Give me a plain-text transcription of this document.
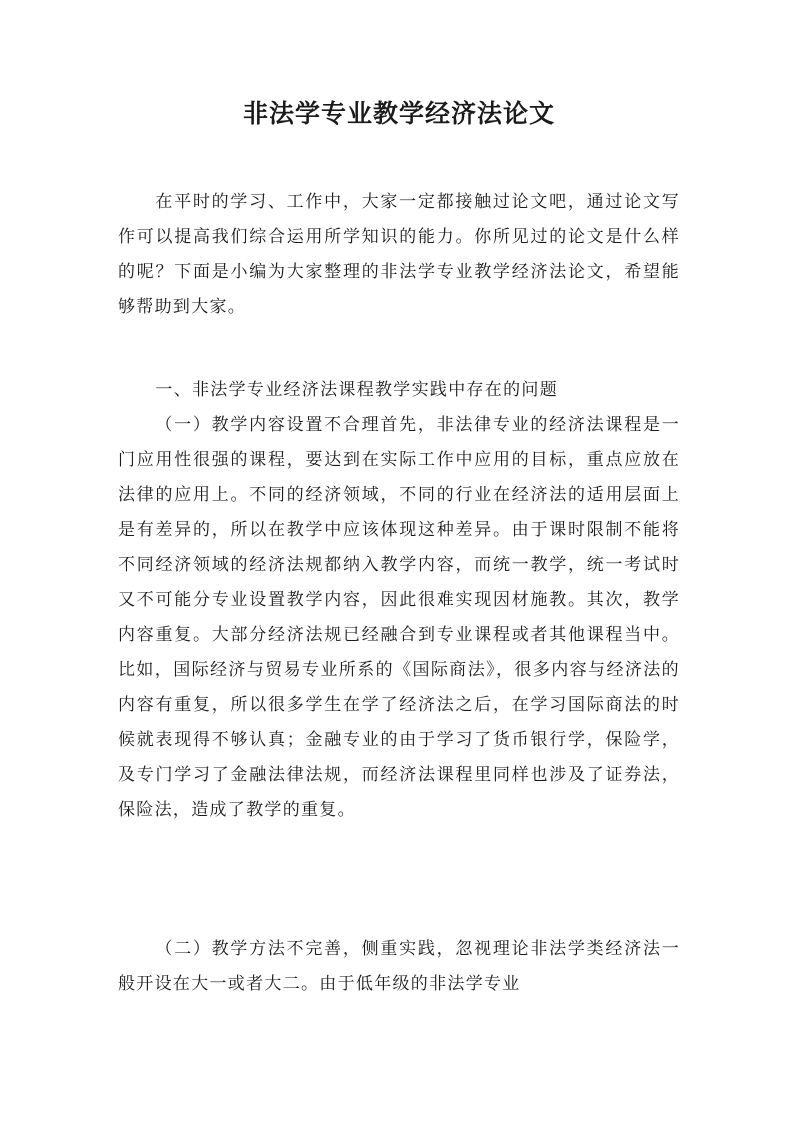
非法学专业教学经济法论文

在平时的学习、工作中，大家一定都接触过论文吧，通过论文写作可以提高我们综合运用所学知识的能力。你所见过的论文是什么样的呢？下面是小编为大家整理的非法学专业教学经济法论文，希望能够帮助到大家。

一、非法学专业经济法课程教学实践中存在的问题

（一）教学内容设置不合理首先，非法律专业的经济法课程是一门应用性很强的课程，要达到在实际工作中应用的目标，重点应放在法律的应用上。不同的经济领域，不同的行业在经济法的适用层面上是有差异的，所以在教学中应该体现这种差异。由于课时限制不能将不同经济领域的经济法规都纳入教学内容，而统一教学，统一考试时又不可能分专业设置教学内容，因此很难实现因材施教。其次，教学内容重复。大部分经济法规已经融合到专业课程或者其他课程当中。比如，国际经济与贸易专业所系的《国际商法》，很多内容与经济法的内容有重复，所以很多学生在学了经济法之后，在学习国际商法的时候就表现得不够认真；金融专业的由于学习了货币银行学，保险学，及专门学习了金融法律法规，而经济法课程里同样也涉及了证券法，保险法，造成了教学的重复。

（二）教学方法不完善，侧重实践，忽视理论非法学类经济法一般开设在大一或者大二。由于低年级的非法学专业
